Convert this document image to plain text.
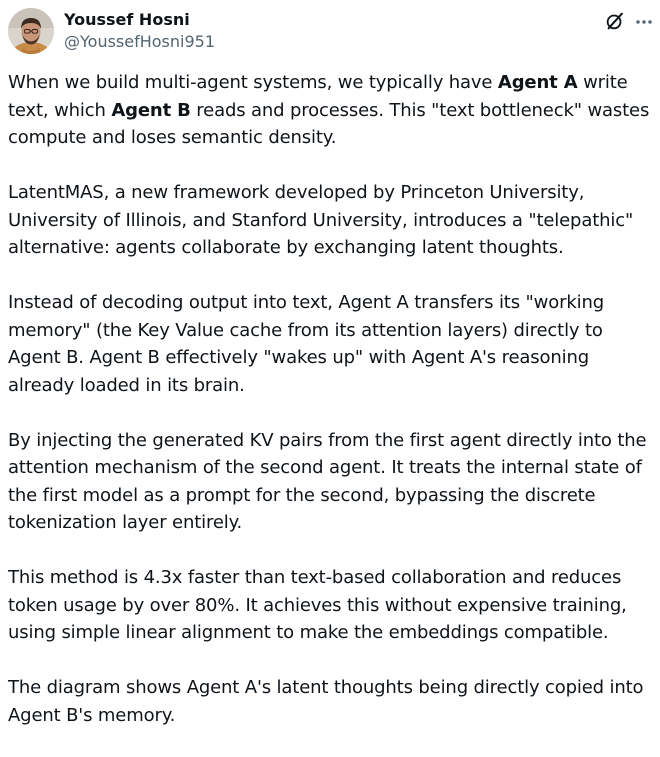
Youssef Hosni
@YoussefHosni951

When we build multi-agent systems, we typically have Agent A write text, which Agent B reads and processes. This "text bottleneck" wastes compute and loses semantic density.

LatentMAS, a new framework developed by Princeton University, University of Illinois, and Stanford University, introduces a "telepathic" alternative: agents collaborate by exchanging latent thoughts.

Instead of decoding output into text, Agent A transfers its "working memory" (the Key Value cache from its attention layers) directly to Agent B. Agent B effectively "wakes up" with Agent A's reasoning already loaded in its brain.

By injecting the generated KV pairs from the first agent directly into the attention mechanism of the second agent. It treats the internal state of the first model as a prompt for the second, bypassing the discrete tokenization layer entirely.

This method is 4.3x faster than text-based collaboration and reduces token usage by over 80%. It achieves this without expensive training, using simple linear alignment to make the embeddings compatible.

The diagram shows Agent A's latent thoughts being directly copied into Agent B's memory.
